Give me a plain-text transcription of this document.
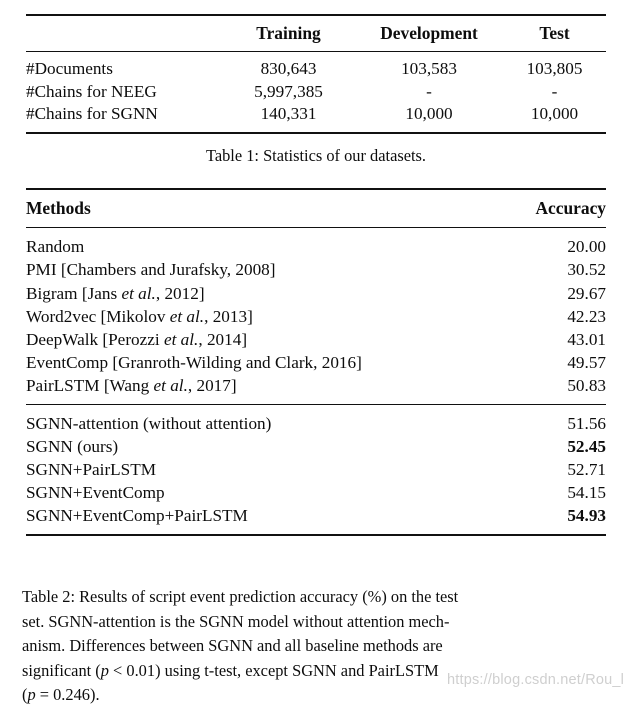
	Training	Development	Test
#Documents	830,643	103,583	103,805
#Chains for NEEG	5,997,385	-	-
#Chains for SGNN	140,331	10,000	10,000
Table 1: Statistics of our datasets.
Methods	Accuracy
Random	20.00
PMI [Chambers and Jurafsky, 2008]	30.52
Bigram [Jans et al., 2012]	29.67
Word2vec [Mikolov et al., 2013]	42.23
DeepWalk [Perozzi et al., 2014]	43.01
EventComp [Granroth-Wilding and Clark, 2016]	49.57
PairLSTM [Wang et al., 2017]	50.83
SGNN-attention (without attention)	51.56
SGNN (ours)	52.45
SGNN+PairLSTM	52.71
SGNN+EventComp	54.15
SGNN+EventComp+PairLSTM	54.93
Table 2: Results of script event prediction accuracy (%) on the test
set. SGNN-attention is the SGNN model without attention mech-
anism. Differences between SGNN and all baseline methods are
significant (p < 0.01) using t-test, except SGNN and PairLSTM
(p = 0.246).
https://blog.csdn.net/Rou_l
